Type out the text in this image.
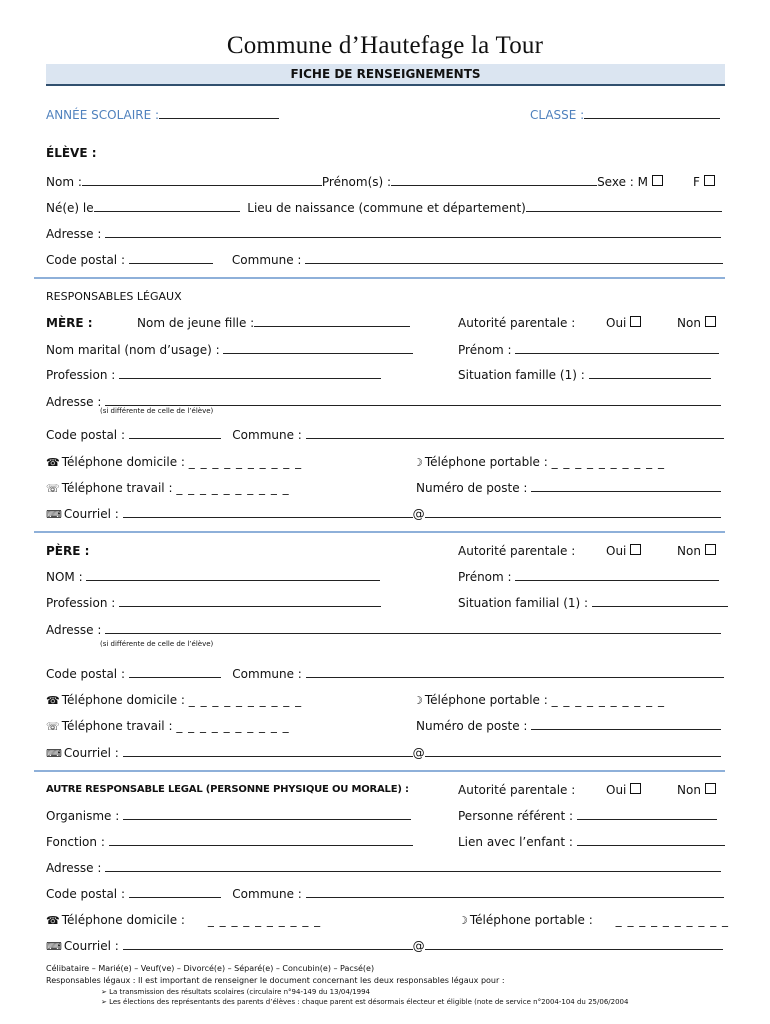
Commune d’Hautefage la Tour
FICHE DE RENSEIGNEMENTS
ANNÉE SCOLAIRE :	CLASSE :
ÉLÈVE :
Nom :	Prénom(s) :	Sexe : M	F
Né(e) le	Lieu de naissance (commune et département)
Adresse :
Code postal :	Commune :
RESPONSABLES LÉGAUX
MÈRE :	Nom de jeune fille :	Autorité parentale :	Oui	Non
Nom marital (nom d’usage) :	Prénom :
Profession :	Situation famille (1) :
Adresse :
(si différente de celle de l’élève)
Code postal :	Commune :
☎ Téléphone domicile : _ _ _ _ _ _ _ _ _ _	☽ Téléphone portable : _ _ _ _ _ _ _ _ _ _
☏ Téléphone travail : _ _ _ _ _ _ _ _ _ _	Numéro de poste :
⌨ Courriel :	@
PÈRE :	Autorité parentale :	Oui	Non
NOM :	Prénom :
Profession :	Situation familial (1) :
Adresse :
(si différente de celle de l’élève)
Code postal :	Commune :
☎ Téléphone domicile : _ _ _ _ _ _ _ _ _ _	☽ Téléphone portable : _ _ _ _ _ _ _ _ _ _
☏ Téléphone travail : _ _ _ _ _ _ _ _ _ _	Numéro de poste :
⌨ Courriel :	@
AUTRE RESPONSABLE LEGAL (PERSONNE PHYSIQUE OU MORALE) :	Autorité parentale :	Oui	Non
Organisme :	Personne référent :
Fonction :	Lien avec l’enfant :
Adresse :
Code postal :	Commune :
☎ Téléphone domicile : _ _ _ _ _ _ _ _ _ _	☽ Téléphone portable : _ _ _ _ _ _ _ _ _ _
⌨ Courriel :	@
Célibataire – Marié(e) – Veuf(ve) – Divorcé(e) – Séparé(e) – Concubin(e) – Pacsé(e)
Responsables légaux : Il est important de renseigner le document concernant les deux responsables légaux pour :
➢ La transmission des résultats scolaires (circulaire n°94-149 du 13/04/1994
➢ Les élections des représentants des parents d’élèves : chaque parent est désormais électeur et éligible (note de service n°2004-104 du 25/06/2004
